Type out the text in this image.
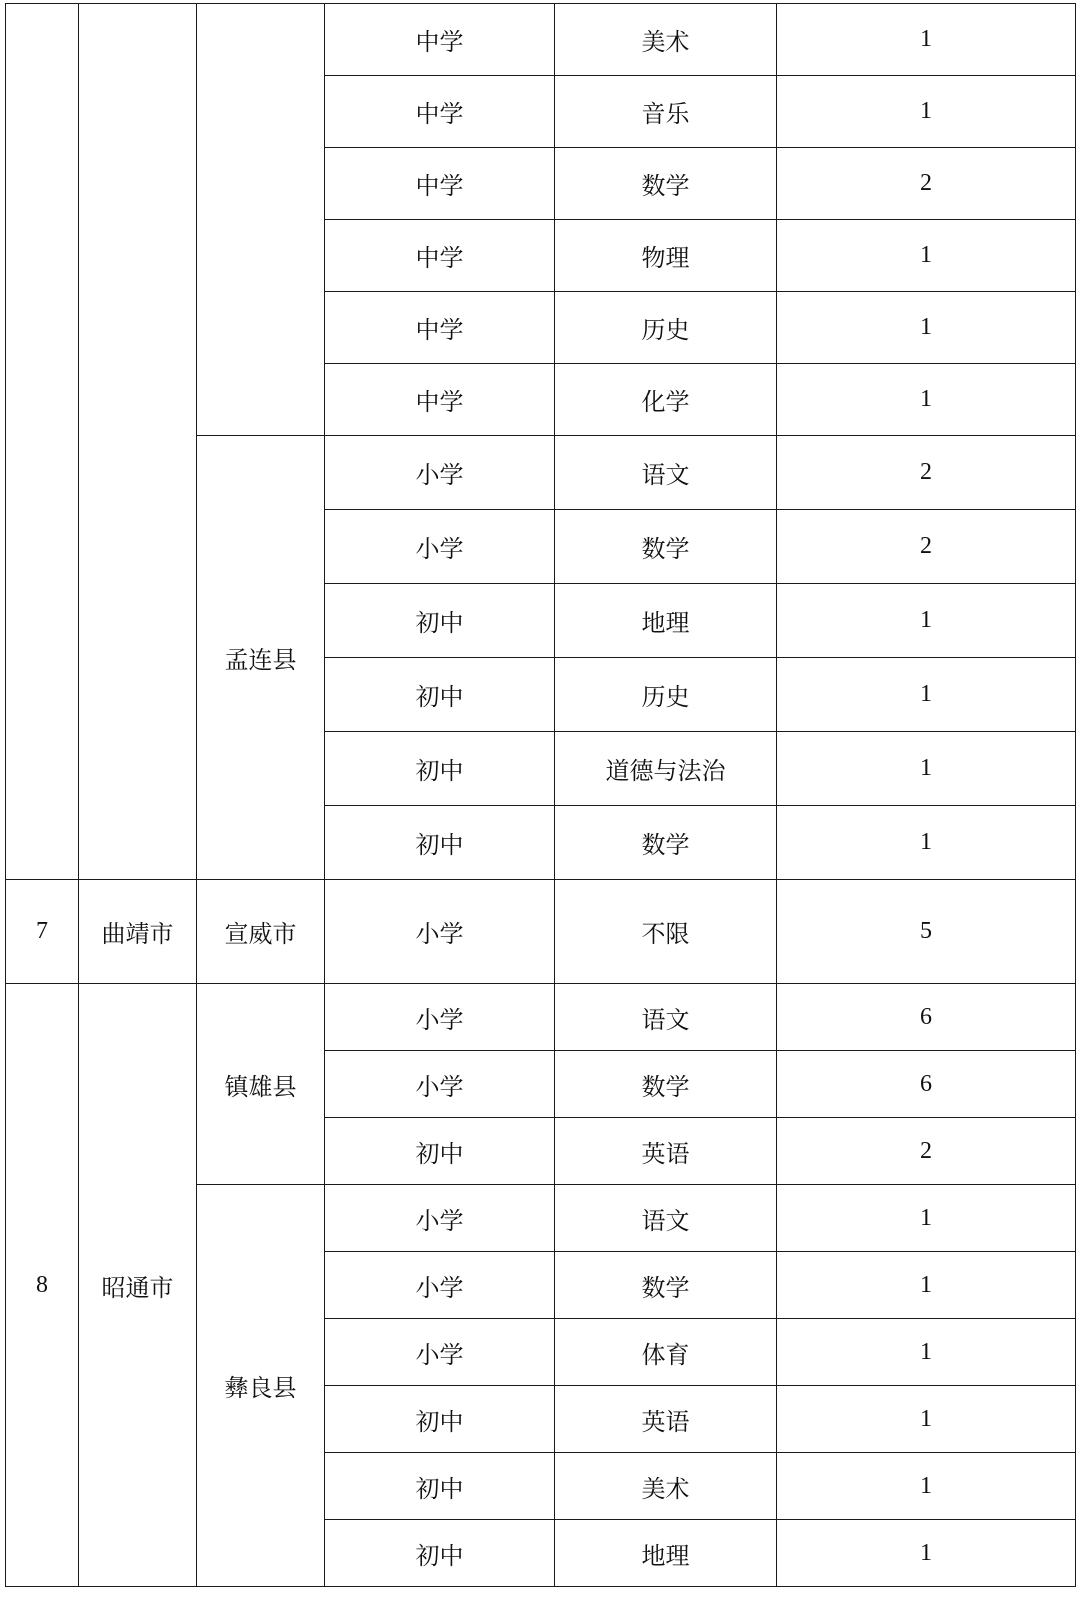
			中学	美术	1
			中学	音乐	1
			中学	数学	2
			中学	物理	1
			中学	历史	1
			中学	化学	1
		孟连县	小学	语文	2
			小学	数学	2
			初中	地理	1
			初中	历史	1
			初中	道德与法治	1
			初中	数学	1
7	曲靖市	宣威市	小学	不限	5
8	昭通市	镇雄县	小学	语文	6
			小学	数学	6
			初中	英语	2
		彝良县	小学	语文	1
			小学	数学	1
			小学	体育	1
			初中	英语	1
			初中	美术	1
			初中	地理	1
